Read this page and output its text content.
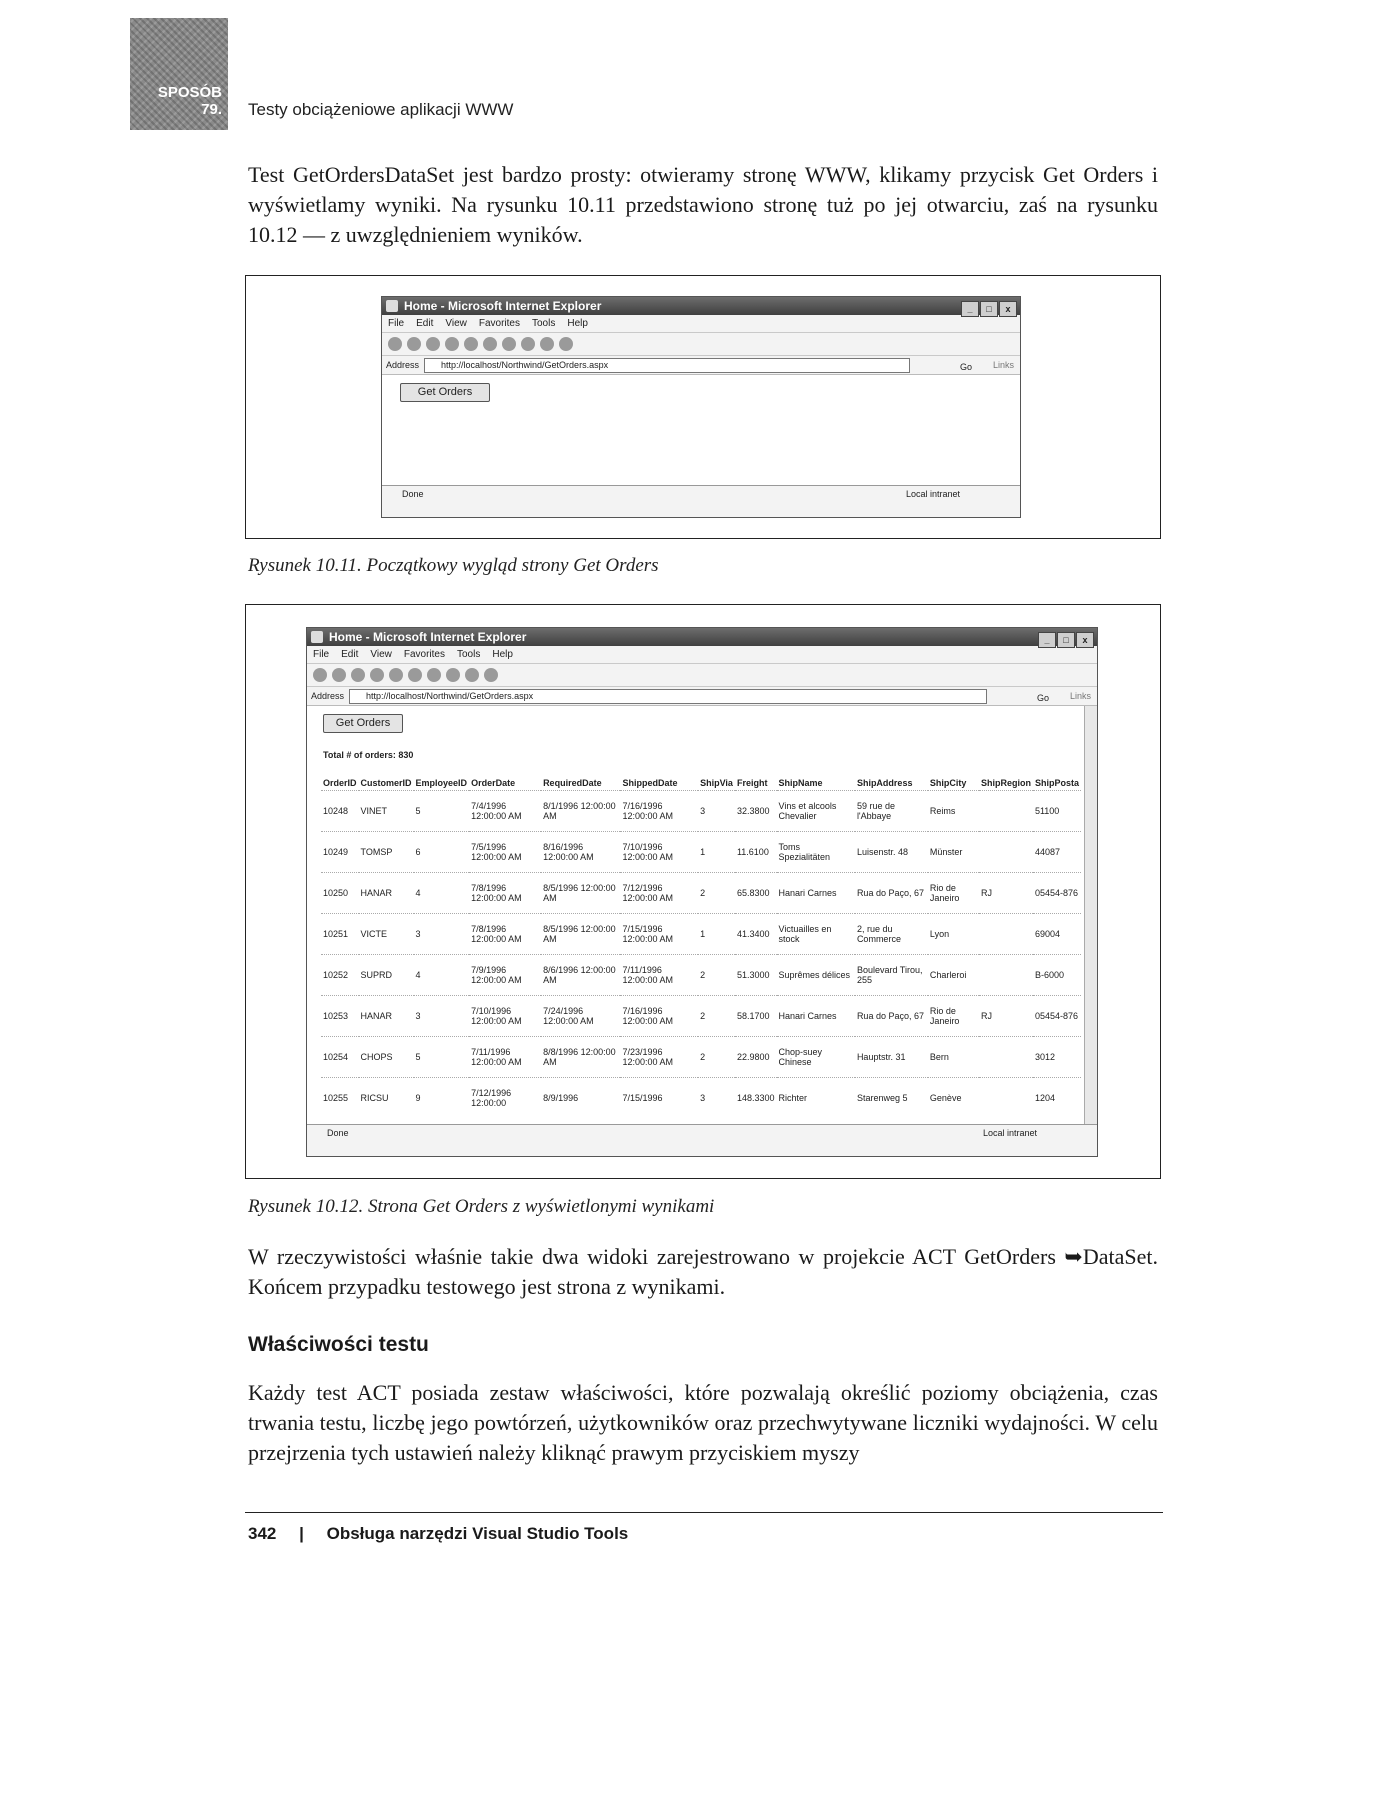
SPOSÓB
79. Testy obciążeniowe aplikacji WWW
Test GetOrdersDataSet jest bardzo prosty: otwieramy stronę WWW, klikamy przycisk Get Orders i wyświetlamy wyniki. Na rysunku 10.11 przedstawiono stronę tuż po jej otwarciu, zaś na rysunku 10.12 — z uwzględnieniem wyników.
Home - Microsoft Internet Explorer	_ □ x
File Edit View Favorites Tools Help
Address	http://localhost/Northwind/GetOrders.aspx	Go Links
Get Orders
Done	Local intranet
Rysunek 10.11. Początkowy wygląd strony Get Orders
Home - Microsoft Internet Explorer	_ □ x
File Edit View Favorites Tools Help
Address	http://localhost/Northwind/GetOrders.aspx	Go Links
Get Orders
Total # of orders: 830
OrderID	CustomerID	EmployeeID	OrderDate	RequiredDate	ShippedDate	ShipVia	Freight	ShipName	ShipAddress	ShipCity	ShipRegion	ShipPosta
10248	VINET	5	7/4/1996 12:00:00 AM	8/1/1996 12:00:00 AM	7/16/1996 12:00:00 AM	3	32.3800	Vins et alcools Chevalier	59 rue de l'Abbaye	Reims		51100
10249	TOMSP	6	7/5/1996 12:00:00 AM	8/16/1996 12:00:00 AM	7/10/1996 12:00:00 AM	1	11.6100	Toms Spezialitäten	Luisenstr. 48	Münster		44087
10250	HANAR	4	7/8/1996 12:00:00 AM	8/5/1996 12:00:00 AM	7/12/1996 12:00:00 AM	2	65.8300	Hanari Carnes	Rua do Paço, 67	Rio de Janeiro	RJ	05454-876
10251	VICTE	3	7/8/1996 12:00:00 AM	8/5/1996 12:00:00 AM	7/15/1996 12:00:00 AM	1	41.3400	Victuailles en stock	2, rue du Commerce	Lyon		69004
10252	SUPRD	4	7/9/1996 12:00:00 AM	8/6/1996 12:00:00 AM	7/11/1996 12:00:00 AM	2	51.3000	Suprêmes délices	Boulevard Tirou, 255	Charleroi		B-6000
10253	HANAR	3	7/10/1996 12:00:00 AM	7/24/1996 12:00:00 AM	7/16/1996 12:00:00 AM	2	58.1700	Hanari Carnes	Rua do Paço, 67	Rio de Janeiro	RJ	05454-876
10254	CHOPS	5	7/11/1996 12:00:00 AM	8/8/1996 12:00:00 AM	7/23/1996 12:00:00 AM	2	22.9800	Chop-suey Chinese	Hauptstr. 31	Bern		3012
10255	RICSU	9	7/12/1996 12:00:00	8/9/1996	7/15/1996	3	148.3300	Richter	Starenweg 5	Genève		1204
Done	Local intranet
Rysunek 10.12. Strona Get Orders z wyświetlonymi wynikami
W rzeczywistości właśnie takie dwa widoki zarejestrowano w projekcie ACT GetOrders ➥DataSet. Końcem przypadku testowego jest strona z wynikami.
Właściwości testu
Każdy test ACT posiada zestaw właściwości, które pozwalają określić poziomy obciążenia, czas trwania testu, liczbę jego powtórzeń, użytkowników oraz przechwytywane liczniki wydajności. W celu przejrzenia tych ustawień należy kliknąć prawym przyciskiem myszy
342 | Obsługa narzędzi Visual Studio Tools
